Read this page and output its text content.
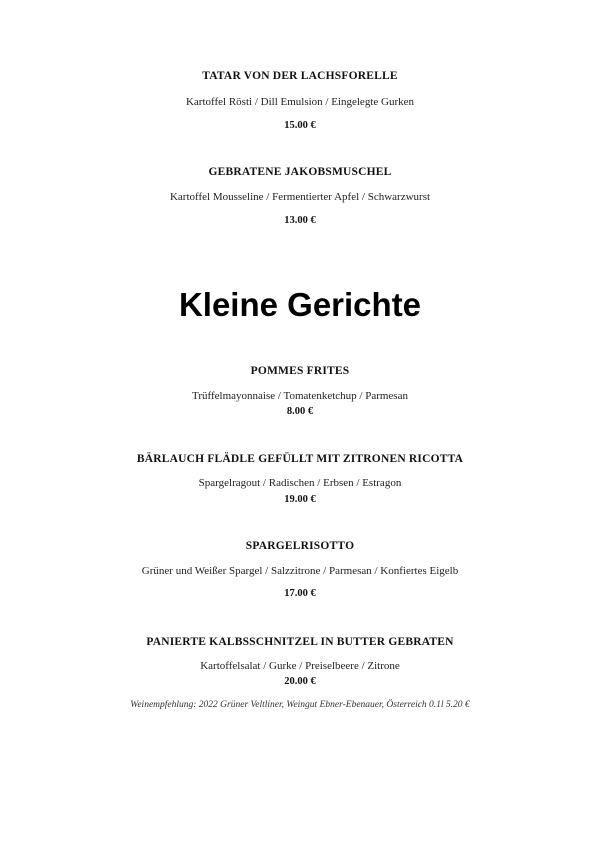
TATAR VON DER LACHSFORELLE
Kartoffel Rösti / Dill Emulsion / Eingelegte Gurken
15.00 €
GEBRATENE JAKOBSMUSCHEL
Kartoffel Mousseline / Fermentierter Apfel / Schwarzwurst
13.00 €
Kleine Gerichte
POMMES FRITES
Trüffelmayonnaise / Tomatenketchup / Parmesan
8.00 €
BÄRLAUCH FLÄDLE GEFÜLLT MIT ZITRONEN RICOTTA
Spargelragout / Radischen / Erbsen / Estragon
19.00 €
SPARGELRISOTTO
Grüner und Weißer Spargel / Salzzitrone / Parmesan / Konfiertes Eigelb
17.00 €
PANIERTE KALBSSCHNITZEL IN BUTTER GEBRATEN
Kartoffelsalat / Gurke / Preiselbeere / Zitrone
20.00 €
Weinempfehlung: 2022 Grüner Veltliner, Weingut Ebner-Ebenauer, Österreich 0.1l 5.20 €
